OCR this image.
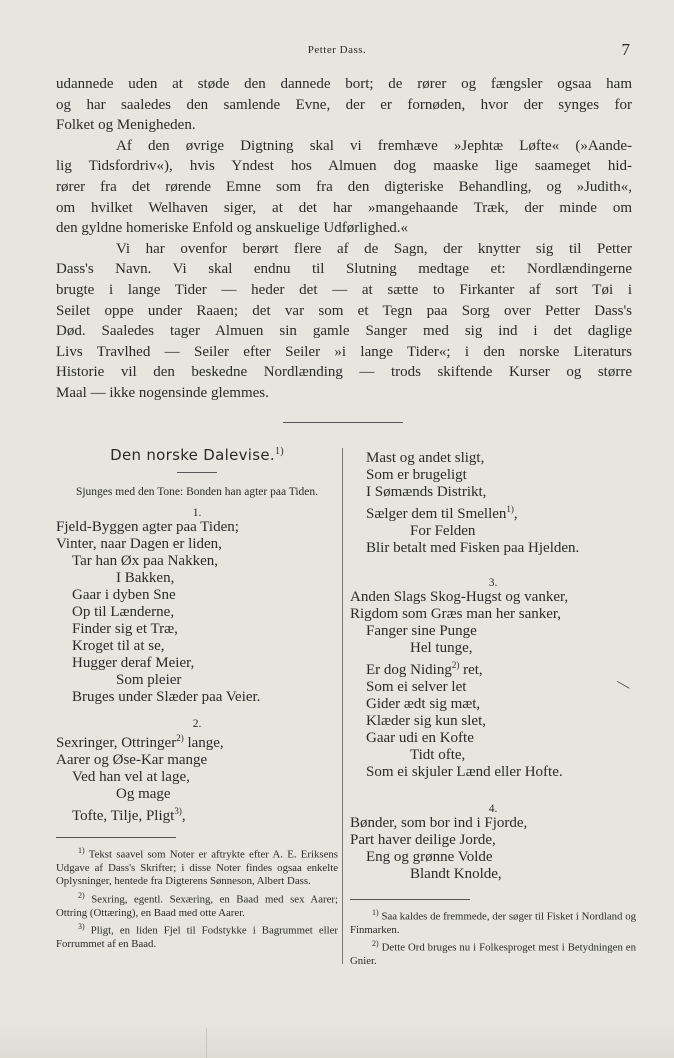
Petter Dass.	7
udannede uden at støde den dannede bort; de rører og fængsler ogsaa ham
og har saaledes den samlende Evne, der er fornøden, hvor der synges for
Folket og Menigheden.
Af den øvrige Digtning skal vi fremhæve »Jephtæ Løfte« (»Aande-
lig Tidsfordriv«), hvis Yndest hos Almuen dog maaske lige saameget hid-
rører fra det rørende Emne som fra den digteriske Behandling, og »Judith«,
om hvilket Welhaven siger, at det har »mangehaande Træk, der minde om
den gyldne homeriske Enfold og anskuelige Udførlighed.«
Vi har ovenfor berørt flere af de Sagn, der knytter sig til Petter
Dass's Navn. Vi skal endnu til Slutning medtage et: Nordlændingerne
brugte i lange Tider — heder det — at sætte to Firkanter af sort Tøi i
Seilet oppe under Raaen; det var som et Tegn paa Sorg over Petter Dass's
Død. Saaledes tager Almuen sin gamle Sanger med sig ind i det daglige
Livs Travlhed — Seiler efter Seiler »i lange Tider«; i den norske Literaturs
Historie vil den beskedne Nordlænding — trods skiftende Kurser og større
Maal — ikke nogensinde glemmes.
Den norske Dalevise.$^{1)}$
Sjunges med den Tone: Bonden han agter paa Tiden.
1.
Fjeld-Byggen agter paa Tiden;
Vinter, naar Dagen er liden,
Tar han Øx paa Nakken,
I Bakken,
Gaar i dyben Sne
Op til Lænderne,
Finder sig et Træ,
Kroget til at se,
Hugger deraf Meier,
Som pleier
Bruges under Slæder paa Veier.
2.
Sexringer, Ottringer$^{2)}$ lange,
Aarer og Øse-Kar mange
Ved han vel at lage,
Og mage
Tofte, Tilje, Pligt$^{3)}$,

$^{1)}$ Tekst saavel som Noter er aftrykte efter A. E. Eriksens Udgave af Dass's Skrifter; i disse Noter findes ogsaa enkelte Oplysninger, hentede fra Digterens Sønneson, Albert Dass.

$^{2)}$ Sexring, egentl. Sexæring, en Baad med sex Aarer; Ottring (Ottæring), en Baad med otte Aarer.

$^{3)}$ Pligt, en liden Fjel til Fodstykke i Bagrummet eller Forrummet af en Baad.

Mast og andet sligt,
Som er brugeligt
I Sømænds Distrikt,
Sælger dem til Smellen$^{1)}$,
For Felden
Blir betalt med Fisken paa Hjelden.
3.
Anden Slags Skog-Hugst og vanker,
Rigdom som Græs man her sanker,
Fanger sine Punge
Hel tunge,
Er dog Niding$^{2)}$ ret,
Som ei selver let
Gider ædt sig mæt,
Klæder sig kun slet,
Gaar udi en Kofte
Tidt ofte,
Som ei skjuler Lænd eller Hofte.
4.
Bønder, som bor ind i Fjorde,
Part haver deilige Jorde,
Eng og grønne Volde
Blandt Knolde,

$^{1)}$ Saa kaldes de fremmede, der søger til Fisket i Nordland og Finmarken.

$^{2)}$ Dette Ord bruges nu i Folkesproget mest i Betydningen en Gnier.

—
